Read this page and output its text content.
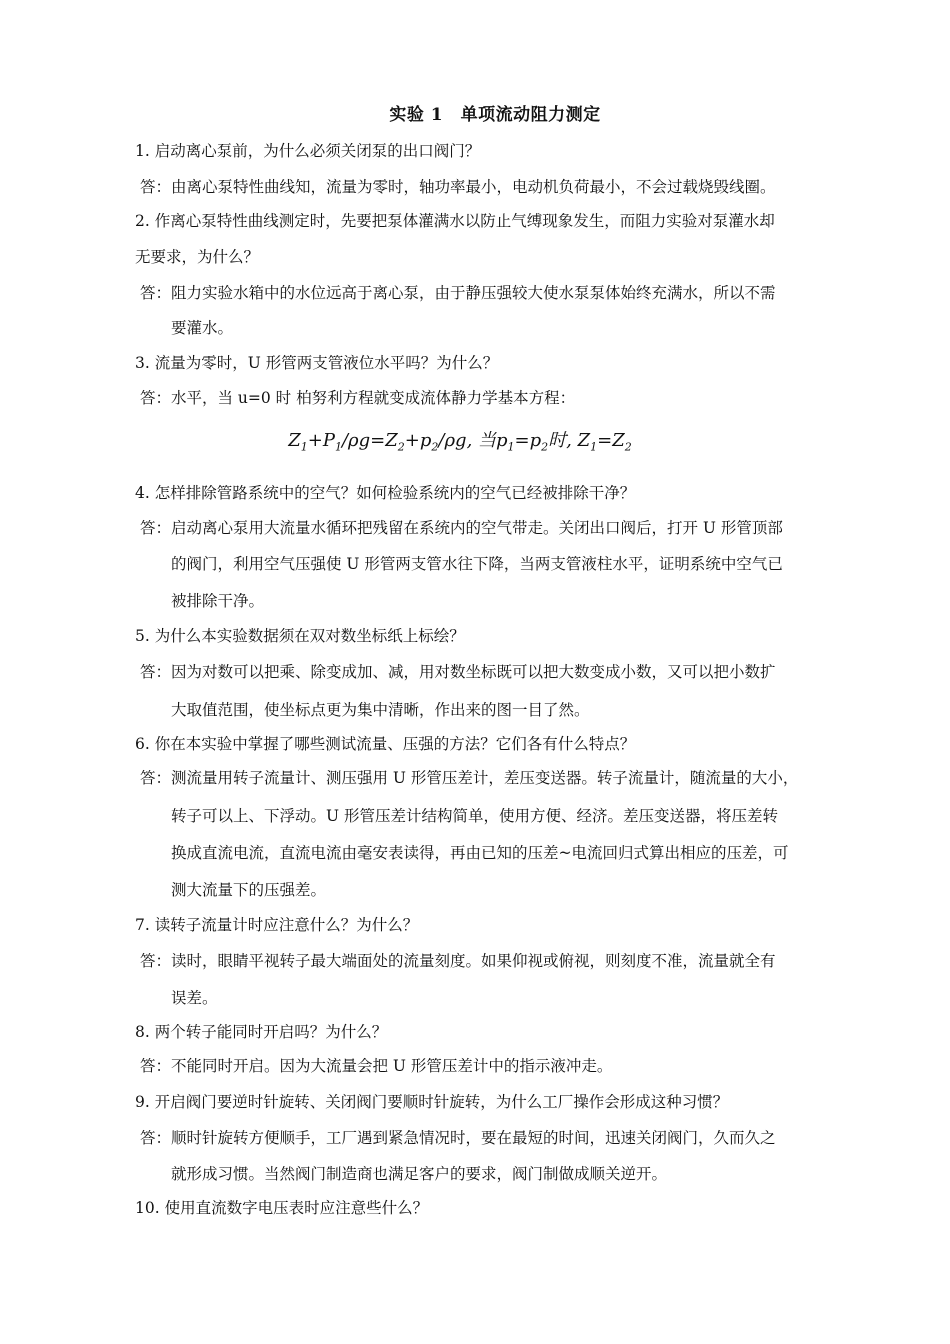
实验 1　单项流动阻力测定
1. 启动离心泵前，为什么必须关闭泵的出口阀门？
答：由离心泵特性曲线知，流量为零时，轴功率最小，电动机负荷最小，不会过载烧毁线圈。
2. 作离心泵特性曲线测定时，先要把泵体灌满水以防止气缚现象发生，而阻力实验对泵灌水却
无要求，为什么？
答：阻力实验水箱中的水位远高于离心泵，由于静压强较大使水泵泵体始终充满水，所以不需
要灌水。
3. 流量为零时，U 形管两支管液位水平吗？为什么？
答：水平，当 u=0 时 柏努利方程就变成流体静力学基本方程：
$Z_1+P_1/\rho g=Z_2+p_2/\rho g$, 当$p_1=p_2$时, $Z_1=Z_2$
4. 怎样排除管路系统中的空气？如何检验系统内的空气已经被排除干净？
答：启动离心泵用大流量水循环把残留在系统内的空气带走。关闭出口阀后，打开 U 形管顶部
的阀门，利用空气压强使 U 形管两支管水往下降，当两支管液柱水平，证明系统中空气已
被排除干净。
5. 为什么本实验数据须在双对数坐标纸上标绘？
答：因为对数可以把乘、除变成加、减，用对数坐标既可以把大数变成小数，又可以把小数扩
大取值范围，使坐标点更为集中清晰，作出来的图一目了然。
6. 你在本实验中掌握了哪些测试流量、压强的方法？它们各有什么特点？
答：测流量用转子流量计、测压强用 U 形管压差计，差压变送器。转子流量计，随流量的大小，
转子可以上、下浮动。U 形管压差计结构简单，使用方便、经济。差压变送器，将压差转
换成直流电流，直流电流由毫安表读得，再由已知的压差~电流回归式算出相应的压差，可
测大流量下的压强差。
7. 读转子流量计时应注意什么？为什么？
答：读时，眼睛平视转子最大端面处的流量刻度。如果仰视或俯视，则刻度不准，流量就全有
误差。
8. 两个转子能同时开启吗？为什么？
答：不能同时开启。因为大流量会把 U 形管压差计中的指示液冲走。
9. 开启阀门要逆时针旋转、关闭阀门要顺时针旋转，为什么工厂操作会形成这种习惯？
答：顺时针旋转方便顺手，工厂遇到紧急情况时，要在最短的时间，迅速关闭阀门，久而久之
就形成习惯。当然阀门制造商也满足客户的要求，阀门制做成顺关逆开。
10. 使用直流数字电压表时应注意些什么？
